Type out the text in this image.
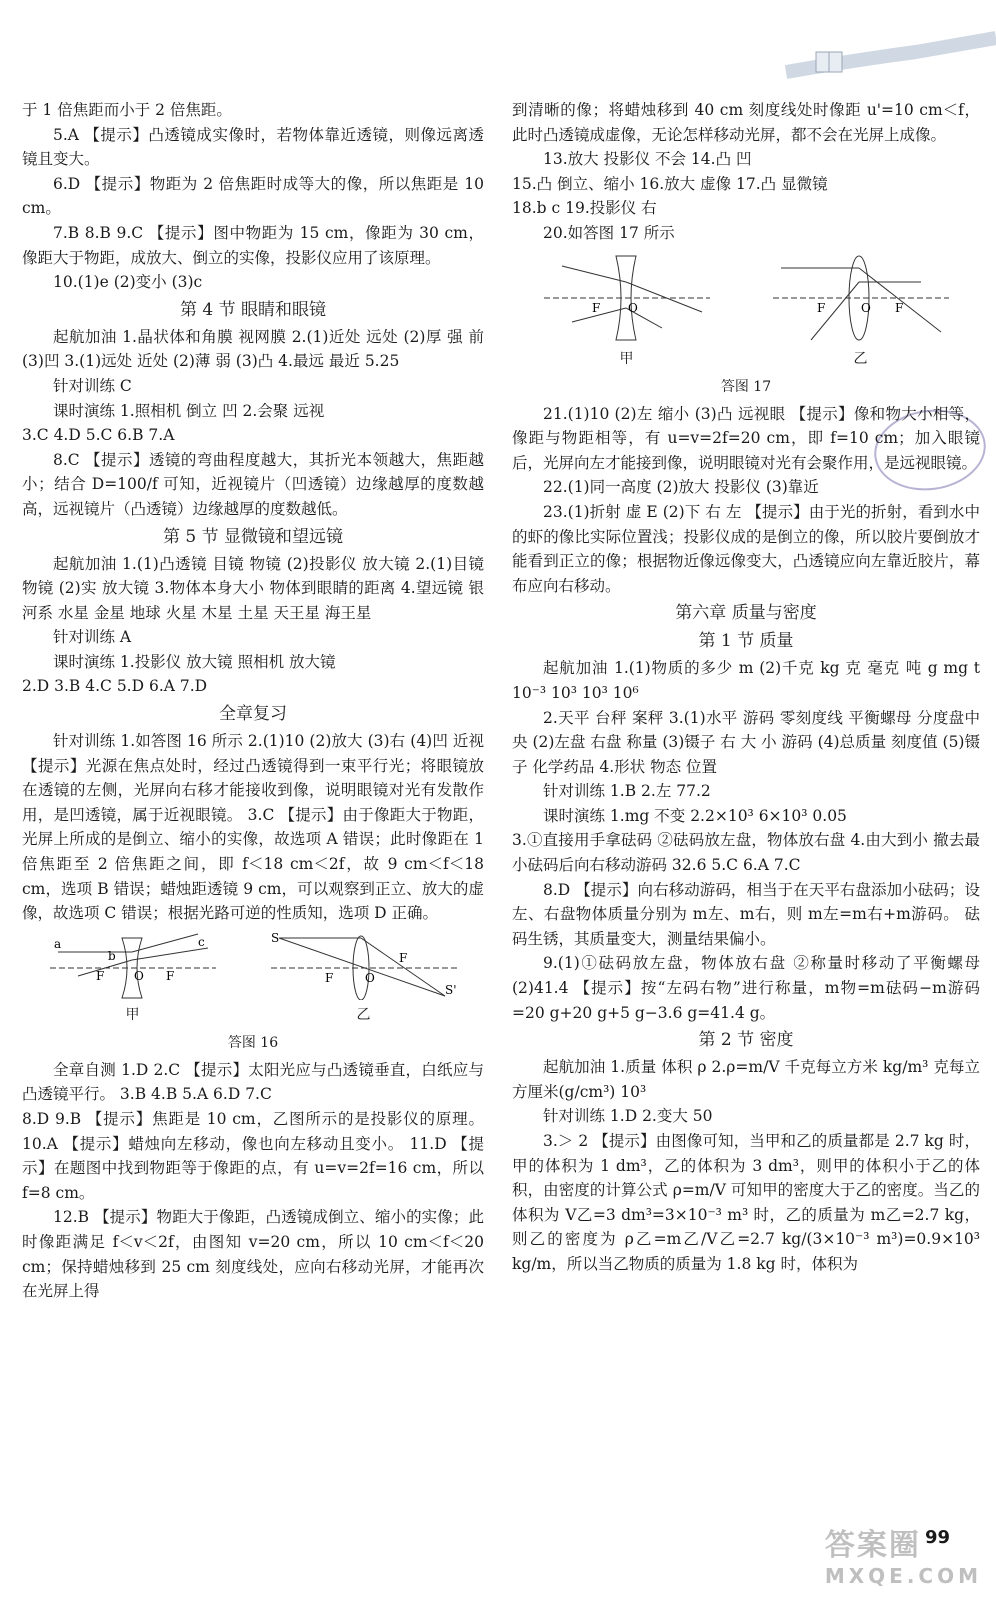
于 1 倍焦距而小于 2 倍焦距。

5.A 【提示】凸透镜成实像时，若物体靠近透镜，则像远离透镜且变大。

6.D 【提示】物距为 2 倍焦距时成等大的像，所以焦距是 10 cm。

7.B 8.B 9.C 【提示】图中物距为 15 cm，像距为 30 cm，像距大于物距，成放大、倒立的实像，投影仪应用了该原理。

10.(1)e (2)变小 (3)c

第 4 节 眼睛和眼镜

起航加油 1.晶状体和角膜 视网膜 2.(1)近处 远处 (2)厚 强 前 (3)凹 3.(1)远处 近处 (2)薄 弱 (3)凸 4.最远 最近 5.25

针对训练 C

课时演练 1.照相机 倒立 凹 2.会聚 远视

3.C 4.D 5.C 6.B 7.A

8.C 【提示】透镜的弯曲程度越大，其折光本领越大，焦距越小；结合 D=100/f 可知，近视镜片（凹透镜）边缘越厚的度数越高，远视镜片（凸透镜）边缘越厚的度数越低。

第 5 节 显微镜和望远镜

起航加油 1.(1)凸透镜 目镜 物镜 (2)投影仪 放大镜 2.(1)目镜 物镜 (2)实 放大镜 3.物体本身大小 物体到眼睛的距离 4.望远镜 银河系 水星 金星 地球 火星 木星 土星 天王星 海王星

针对训练 A

课时演练 1.投影仪 放大镜 照相机 放大镜

2.D 3.B 4.C 5.D 6.A 7.D

全章复习

针对训练 1.如答图 16 所示 2.(1)10 (2)放大 (3)右 (4)凹 近视 【提示】光源在焦点处时，经过凸透镜得到一束平行光；将眼镜放在透镜的左侧，光屏向右移才能接收到像，说明眼镜对光有发散作用，是凹透镜，属于近视眼镜。 3.C 【提示】由于像距大于物距，光屏上所成的是倒立、缩小的实像，故选项 A 错误；此时像距在 1 倍焦距至 2 倍焦距之间，即 f＜18 cm＜2f，故 9 cm＜f＜18 cm，选项 B 错误；蜡烛距透镜 9 cm，可以观察到正立、放大的虚像，故选项 C 错误；根据光路可逆的性质知，选项 D 正确。

a
b
c
F O F
甲
S
S'
F	O
F
乙
答图 16

全章自测 1.D 2.C 【提示】太阳光应与凸透镜垂直，白纸应与凸透镜平行。 3.B 4.B 5.A 6.D 7.C

8.D 9.B 【提示】焦距是 10 cm，乙图所示的是投影仪的原理。 10.A 【提示】蜡烛向左移动，像也向左移动且变小。 11.D 【提示】在题图中找到物距等于像距的点，有 u=v=2f=16 cm，所以 f=8 cm。

12.B 【提示】物距大于像距，凸透镜成倒立、缩小的实像；此时像距满足 f＜v＜2f，由图知 v=20 cm，所以 10 cm＜f＜20 cm；保持蜡烛移到 25 cm 刻度线处，应向右移动光屏，才能再次在光屏上得

到清晰的像；将蜡烛移到 40 cm 刻度线处时像距 u'=10 cm＜f，此时凸透镜成虚像，无论怎样移动光屏，都不会在光屏上成像。

13.放大 投影仪 不会 14.凸 凹

15.凸 倒立、缩小 16.放大 虚像 17.凸 显微镜

18.b c 19.投影仪 右

20.如答图 17 所示

F O
甲
F	O F
乙
答图 17

21.(1)10 (2)左 缩小 (3)凸 远视眼 【提示】像和物大小相等，像距与物距相等，有 u=v=2f=20 cm，即 f=10 cm；加入眼镜后，光屏向左才能接到像，说明眼镜对光有会聚作用，是远视眼镜。

22.(1)同一高度 (2)放大 投影仪 (3)靠近

23.(1)折射 虚 E (2)下 右 左 【提示】由于光的折射，看到水中的虾的像比实际位置浅；投影仪成的是倒立的像，所以胶片要倒放才能看到正立的像；根据物近像远像变大，凸透镜应向左靠近胶片，幕布应向右移动。

第六章 质量与密度
第 1 节 质量

起航加油 1.(1)物质的多少 m (2)千克 kg 克 毫克 吨 g mg t 10⁻³ 10³ 10³ 10⁶

2.天平 台秤 案秤 3.(1)水平 游码 零刻度线 平衡螺母 分度盘中央 (2)左盘 右盘 称量 (3)镊子 右 大 小 游码 (4)总质量 刻度值 (5)镊子 化学药品 4.形状 物态 位置

针对训练 1.B 2.左 77.2

课时演练 1.mg 不变 2.2×10³ 6×10³ 0.05

3.①直接用手拿砝码 ②砝码放左盘，物体放右盘 4.由大到小 撤去最小砝码后向右移动游码 32.6 5.C 6.A 7.C

8.D 【提示】向右移动游码，相当于在天平右盘添加小砝码；设左、右盘物体质量分别为 m左、m右，则 m左=m右+m游码。 砝码生锈，其质量变大，测量结果偏小。

9.(1)①砝码放左盘，物体放右盘 ②称量时移动了平衡螺母 (2)41.4 【提示】按“左码右物”进行称量，m物=m砝码−m游码=20 g+20 g+5 g−3.6 g=41.4 g。

第 2 节 密度

起航加油 1.质量 体积 ρ 2.ρ=m/V 千克每立方米 kg/m³ 克每立方厘米(g/cm³) 10³

针对训练 1.D 2.变大 50

3.＞ 2 【提示】由图像可知，当甲和乙的质量都是 2.7 kg 时，甲的体积为 1 dm³，乙的体积为 3 dm³，则甲的体积小于乙的体积，由密度的计算公式 ρ=m/V 可知甲的密度大于乙的密度。当乙的体积为 V乙=3 dm³=3×10⁻³ m³ 时，乙的质量为 m乙=2.7 kg，则乙的密度为 ρ乙=m乙/V乙=2.7 kg/(3×10⁻³ m³)=0.9×10³ kg/m，所以当乙物质的质量为 1.8 kg 时，体积为

99
答案圈
MXQE.COM
